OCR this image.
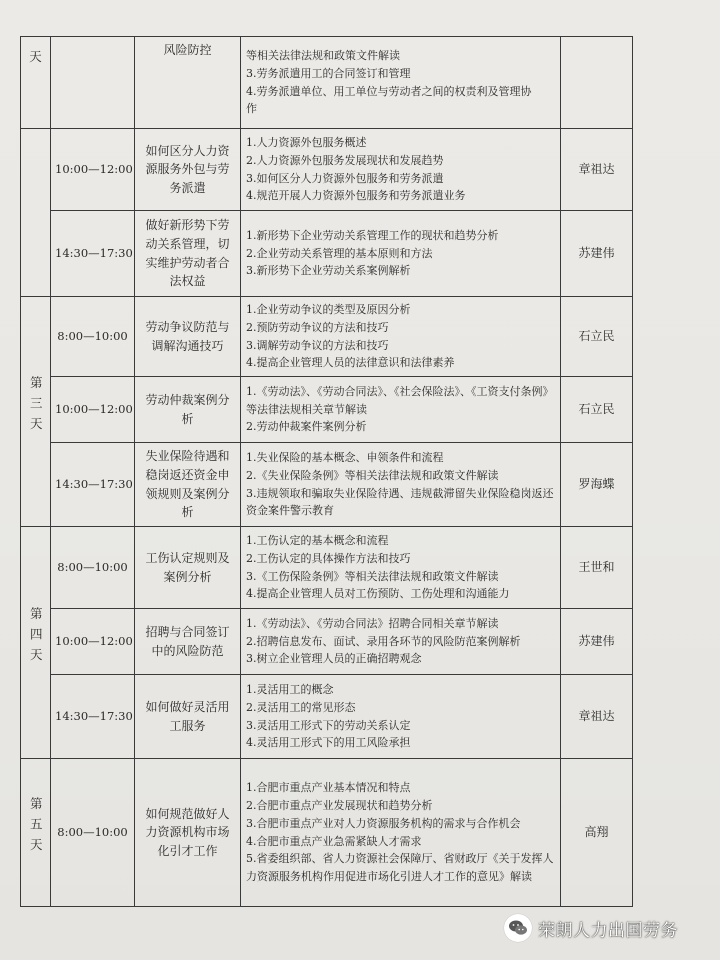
天		风险防控	等相关法律法规和政策文件解读
3.劳务派遣用工的合同签订和管理
4.劳务派遣单位、用工单位与劳动者之间的权责利及管理协
作	

	10:00—12:00	如何区分人力资源服务外包与劳务派遣	1.人力资源外包服务概述
2.人力资源外包服务发展现状和发展趋势
3.如何区分人力资源外包服务和劳务派遣
4.规范开展人力资源外包服务和劳务派遣业务	章祖达
	14:30—17:30	做好新形势下劳动关系管理，切实维护劳动者合法权益	1.新形势下企业劳动关系管理工作的现状和趋势分析
2.企业劳动关系管理的基本原则和方法
3.新形势下企业劳动关系案例解析	苏建伟
第三天	8:00—10:00	劳动争议防范与调解沟通技巧	1.企业劳动争议的类型及原因分析
2.预防劳动争议的方法和技巧
3.调解劳动争议的方法和技巧
4.提高企业管理人员的法律意识和法律素养	石立民
	10:00—12:00	劳动仲裁案例分析	1.《劳动法》、《劳动合同法》、《社会保险法》、《工资支付条例》等法律法规相关章节解读
2.劳动仲裁案件案例分析	石立民
	14:30—17:30	失业保险待遇和稳岗返还资金申领规则及案例分析	1.失业保险的基本概念、申领条件和流程
2.《失业保险条例》等相关法律法规和政策文件解读
3.违规领取和骗取失业保险待遇、违规截滞留失业保险稳岗返还资金案件警示教育	罗海蝶
第四天	8:00—10:00	工伤认定规则及案例分析	1.工伤认定的基本概念和流程
2.工伤认定的具体操作方法和技巧
3.《工伤保险条例》等相关法律法规和政策文件解读
4.提高企业管理人员对工伤预防、工伤处理和沟通能力	王世和
	10:00—12:00	招聘与合同签订中的风险防范	1.《劳动法》、《劳动合同法》招聘合同相关章节解读
2.招聘信息发布、面试、录用各环节的风险防范案例解析
3.树立企业管理人员的正确招聘观念	苏建伟
	14:30—17:30	如何做好灵活用工服务	1.灵活用工的概念
2.灵活用工的常见形态
3.灵活用工形式下的劳动关系认定
4.灵活用工形式下的用工风险承担	章祖达
第五天	8:00—10:00	如何规范做好人力资源机构市场化引才工作	1.合肥市重点产业基本情况和特点
2.合肥市重点产业发展现状和趋势分析
3.合肥市重点产业对人力资源服务机构的需求与合作机会
4.合肥市重点产业急需紧缺人才需求
5.省委组织部、省人力资源社会保障厅、省财政厅《关于发挥人力资源服务机构作用促进市场化引进人才工作的意见》解读	高翔
荣朗人力出国劳务
